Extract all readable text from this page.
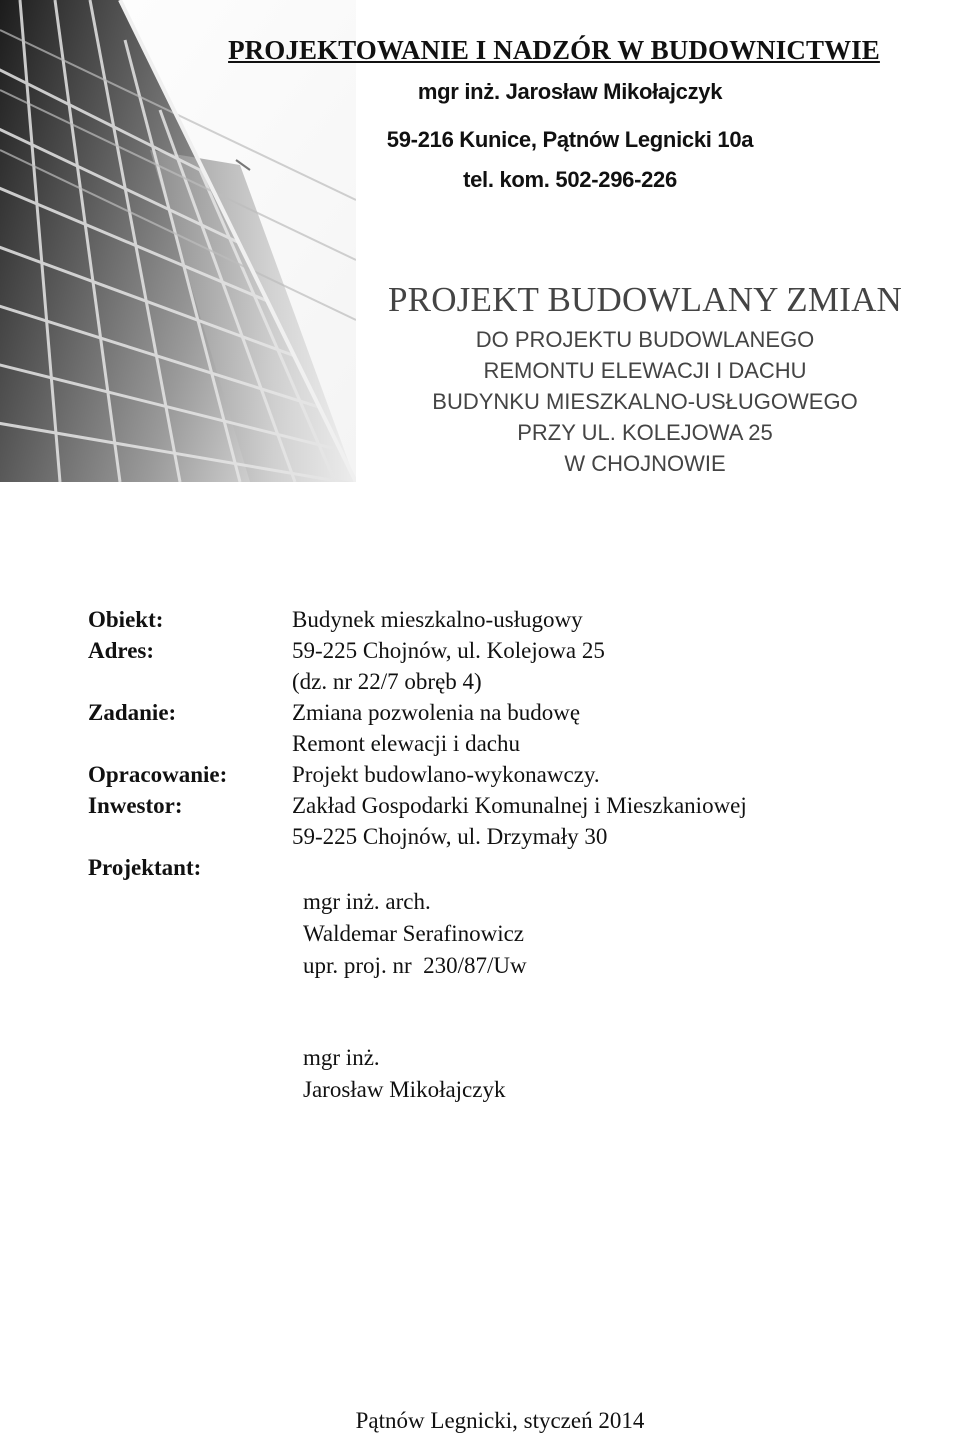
PROJEKTOWANIE I NADZÓR W BUDOWNICTWIE
mgr inż. Jarosław Mikołajczyk
59-216 Kunice, Pątnów Legnicki 10a
tel. kom. 502-296-226
PROJEKT BUDOWLANY ZMIAN
DO PROJEKTU BUDOWLANEGO
REMONTU ELEWACJI I DACHU
BUDYNKU MIESZKALNO-USŁUGOWEGO
PRZY UL. KOLEJOWA 25
W CHOJNOWIE
Obiekt:	Budynek mieszkalno-usługowy
Adres:	59-225 Chojnów, ul. Kolejowa 25
(dz. nr 22/7 obręb 4)
Zadanie:	Zmiana pozwolenia na budowę
Remont elewacji i dachu
Opracowanie:	Projekt budowlano-wykonawczy.
Inwestor:	Zakład Gospodarki Komunalnej i Mieszkaniowej
59-225 Chojnów, ul. Drzymały 30
Projektant:
mgr inż. arch.
Waldemar Serafinowicz
upr. proj. nr  230/87/Uw
mgr inż.
Jarosław Mikołajczyk
Pątnów Legnicki, styczeń 2014
